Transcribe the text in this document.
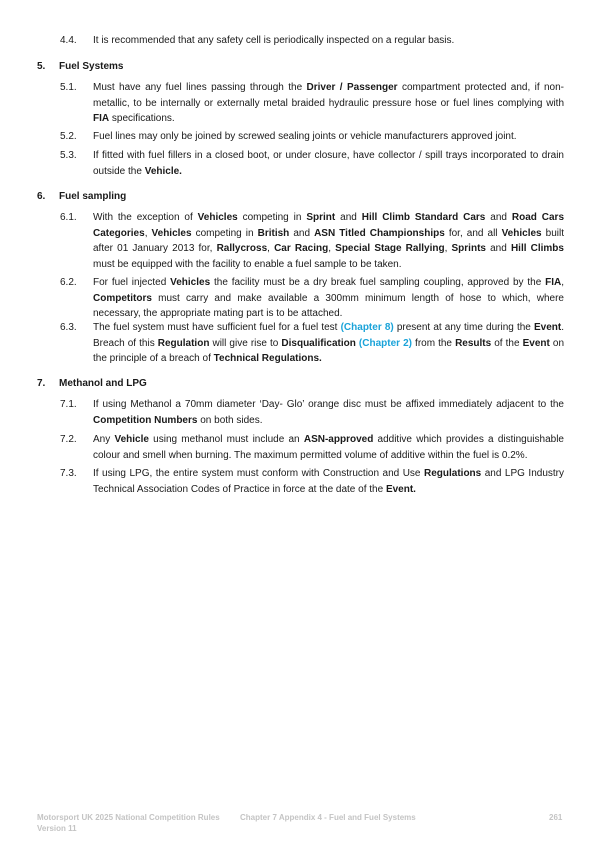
4.4.	It is recommended that any safety cell is periodically inspected on a regular basis.
5. Fuel Systems
5.1.	Must have any fuel lines passing through the Driver / Passenger compartment protected and, if non-metallic, to be internally or externally metal braided hydraulic pressure hose or fuel lines complying with FIA specifications.
5.2.	Fuel lines may only be joined by screwed sealing joints or vehicle manufacturers approved joint.
5.3.	If fitted with fuel fillers in a closed boot, or under closure, have collector / spill trays incorporated to drain outside the Vehicle.
6. Fuel sampling
6.1.	With the exception of Vehicles competing in Sprint and Hill Climb Standard Cars and Road Cars Categories, Vehicles competing in British and ASN Titled Championships for, and all Vehicles built after 01 January 2013 for, Rallycross, Car Racing, Special Stage Rallying, Sprints and Hill Climbs must be equipped with the facility to enable a fuel sample to be taken.
6.2.	For fuel injected Vehicles the facility must be a dry break fuel sampling coupling, approved by the FIA, Competitors must carry and make available a 300mm minimum length of hose to which, where necessary, the appropriate mating part is to be attached.
6.3.	The fuel system must have sufficient fuel for a fuel test (Chapter 8) present at any time during the Event. Breach of this Regulation will give rise to Disqualification (Chapter 2) from the Results of the Event on the principle of a breach of Technical Regulations.
7. Methanol and LPG
7.1.	If using Methanol a 70mm diameter ‘Day- Glo’ orange disc must be affixed immediately adjacent to the Competition Numbers on both sides.
7.2.	Any Vehicle using methanol must include an ASN-approved additive which provides a distinguishable colour and smell when burning. The maximum permitted volume of additive within the fuel is 0.2%.
7.3.	If using LPG, the entire system must conform with Construction and Use Regulations and LPG Industry Technical Association Codes of Practice in force at the date of the Event.
Motorsport UK 2025 National Competition Rules
Version 11
Chapter 7 Appendix 4 - Fuel and Fuel Systems	261
